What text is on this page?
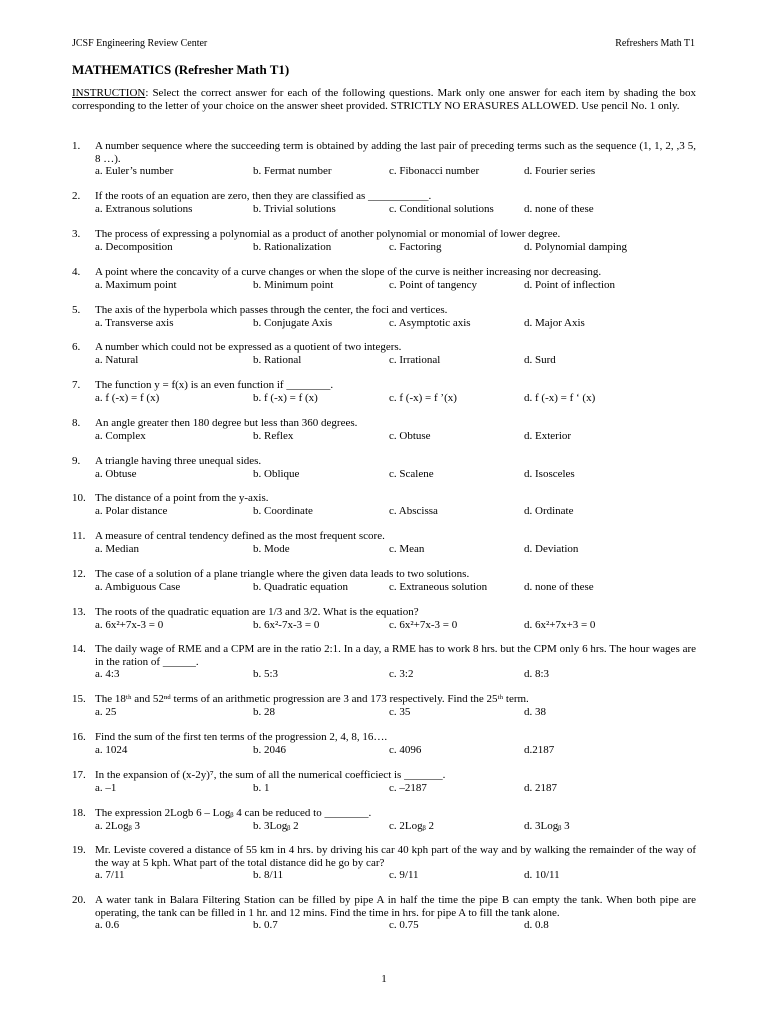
JCSF Engineering Review Center	Refreshers Math T1
MATHEMATICS (Refresher Math T1)
INSTRUCTION: Select the correct answer for each of the following questions. Mark only one answer for each item by shading the box corresponding to the letter of your choice on the answer sheet provided. STRICTLY NO ERASURES ALLOWED. Use pencil No. 1 only.
1. A number sequence where the succeeding term is obtained by adding the last pair of preceding terms such as the sequence (1, 1, 2, ,3 5, 8 …).
a. Euler’s number	b. Fermat number	c. Fibonacci number	d. Fourier series
2. If the roots of an equation are zero, then they are classified as ___________.
a. Extranous solutions	b. Trivial solutions	c. Conditional solutions	d. none of these
3. The process of expressing a polynomial as a product of another polynomial or monomial of lower degree.
a. Decomposition	b. Rationalization	c. Factoring	d. Polynomial damping
4. A point where the concavity of a curve changes or when the slope of the curve is neither increasing nor decreasing.
a. Maximum point	b. Minimum point	c. Point of tangency	d. Point of inflection
5. The axis of the hyperbola which passes through the center, the foci and vertices.
a. Transverse axis	b. Conjugate Axis	c. Asymptotic axis	d. Major Axis
6. A number which could not be expressed as a quotient of two integers.
a. Natural	b. Rational	c. Irrational	d. Surd
7. The function y = f(x) is an even function if ________.
a. f (-x) = f (x)	b. f (-x) = f (x)	c. f (-x) = f ’(x)	d. f (-x) = f ‘ (x)
8. An angle greater then 180 degree but less than 360 degrees.
a. Complex	b. Reflex	c. Obtuse	d. Exterior
9. A triangle having three unequal sides.
a. Obtuse	b. Oblique	c. Scalene	d. Isosceles
10. The distance of a point from the y-axis.
a. Polar distance	b. Coordinate	c. Abscissa	d. Ordinate
11. A measure of central tendency defined as the most frequent score.
a. Median	b. Mode	c. Mean	d. Deviation
12. The case of a solution of a plane triangle where the given data leads to two solutions.
a. Ambiguous Case	b. Quadratic equation	c. Extraneous solution	d. none of these
13. The roots of the quadratic equation are 1/3 and 3/2. What is the equation?
a. 6x²+7x-3 = 0	b. 6x²-7x-3 = 0	c. 6x²+7x-3 = 0	d. 6x²+7x+3 = 0
14. The daily wage of RME and a CPM are in the ratio 2:1. In a day, a RME has to work 8 hrs. but the CPM only 6 hrs. The hour wages are in the ration of ______.
a. 4:3	b. 5:3	c. 3:2	d. 8:3
15. The 18ᵗʰ and 52ⁿᵈ terms of an arithmetic progression are 3 and 173 respectively. Find the 25ᵗʰ term.
a. 25	b. 28	c. 35	d. 38
16. Find the sum of the first ten terms of the progression 2, 4, 8, 16….
a. 1024	b. 2046	c. 4096	d.2187
17. In the expansion of (x-2y)⁷, the sum of all the numerical coefficiect is _______.
a. –1	b. 1	c. –2187	d. 2187
18. The expression 2Logb 6 – Logᵦ 4 can be reduced to ________.
a. 2Logᵦ 3	b. 3Logᵦ 2	c. 2Logᵦ 2	d. 3Logᵦ 3
19. Mr. Leviste covered a distance of 55 km in 4 hrs. by driving his car 40 kph part of the way and by walking the remainder of the way of the way at 5 kph. What part of the total distance did he go by car?
a. 7/11	b. 8/11	c. 9/11	d. 10/11
20. A water tank in Balara Filtering Station can be filled by pipe A in half the time the pipe B can empty the tank. When both pipe are operating, the tank can be filled in 1 hr. and 12 mins. Find the time in hrs. for pipe A to fill the tank alone.
a. 0.6	b. 0.7	c. 0.75	d. 0.8
1
